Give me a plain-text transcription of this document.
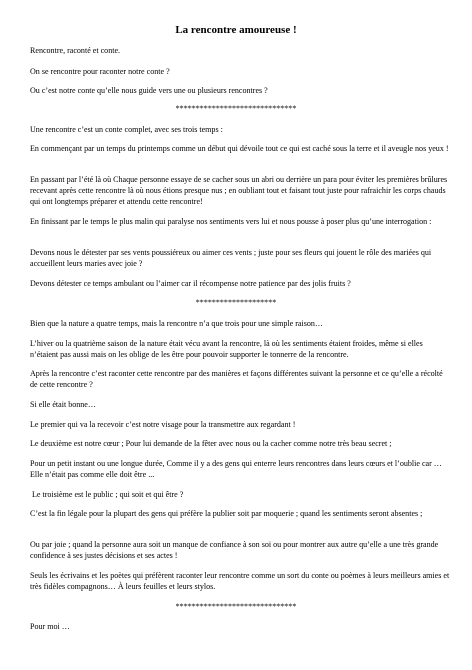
La rencontre amoureuse !

Rencontre, raconté et conte.

On se rencontre pour raconter notre conte ?

Ou c’est notre conte qu’elle nous guide vers une ou plusieurs rencontres ?

******************************

Une rencontre c’est un conte complet, avec ses trois temps :

En commençant par un temps du printemps comme un début qui dévoile tout ce qui est caché sous la terre et il aveugle nos yeux !

En passant par l’été là où Chaque personne essaye de se cacher sous un abri ou derrière un para pour éviter les premières brûlures recevant après cette rencontre là où nous étions presque nus ; en oubliant tout et faisant tout juste pour rafraichir les corps chauds qui ont longtemps préparer et attendu cette rencontre!

En finissant par le temps le plus malin qui paralyse nos sentiments vers lui et nous pousse à poser plus qu’une interrogation :

Devons nous le détester par ses vents poussiéreux ou aimer ces vents ; juste pour ses fleurs qui jouent le rôle des mariées qui accueillent leurs maries avec joie ?

Devons détester ce temps ambulant ou l’aimer car il récompense notre patience par des jolis fruits ?

********************

Bien que la nature a quatre temps, mais la rencontre n’a que trois pour une simple raison…

L’hiver ou la quatrième saison de la nature était vécu avant la rencontre, là où les sentiments étaient froides, même si elles n’étaient pas aussi mais on les oblige de les être pour pouvoir supporter le tonnerre de la rencontre.

Après la rencontre c’est raconter cette rencontre par des manières et façons différentes suivant la personne et ce qu’elle a récolté de cette rencontre ?

Si elle était bonne…

Le premier qui va la recevoir c’est notre visage pour la transmettre aux regardant !

Le deuxième est notre cœur ; Pour lui demande de la fêter avec nous ou la cacher comme notre très beau secret ;

Pour un petit instant ou une longue durée, Comme il y a des gens qui enterre leurs rencontres dans leurs cœurs et l’oublie car …Elle n’était pas comme elle doit être ...

Le troisième est le public ; qui soit et qui être ?

C’est la fin légale pour la plupart des gens qui préfère la publier soit par moquerie ; quand les sentiments seront absentes ;

Ou par joie ; quand la personne aura soit un manque de confiance à son soi ou pour montrer aux autre qu’elle a une très grande confidence à ses justes décisions et ses actes !

Seuls les écrivains et les poètes qui préfèrent raconter leur rencontre comme un sort du conte ou poèmes à leurs meilleurs amies et très fidèles compagnons… À leurs feuilles et leurs stylos.

******************************

Pour moi …
